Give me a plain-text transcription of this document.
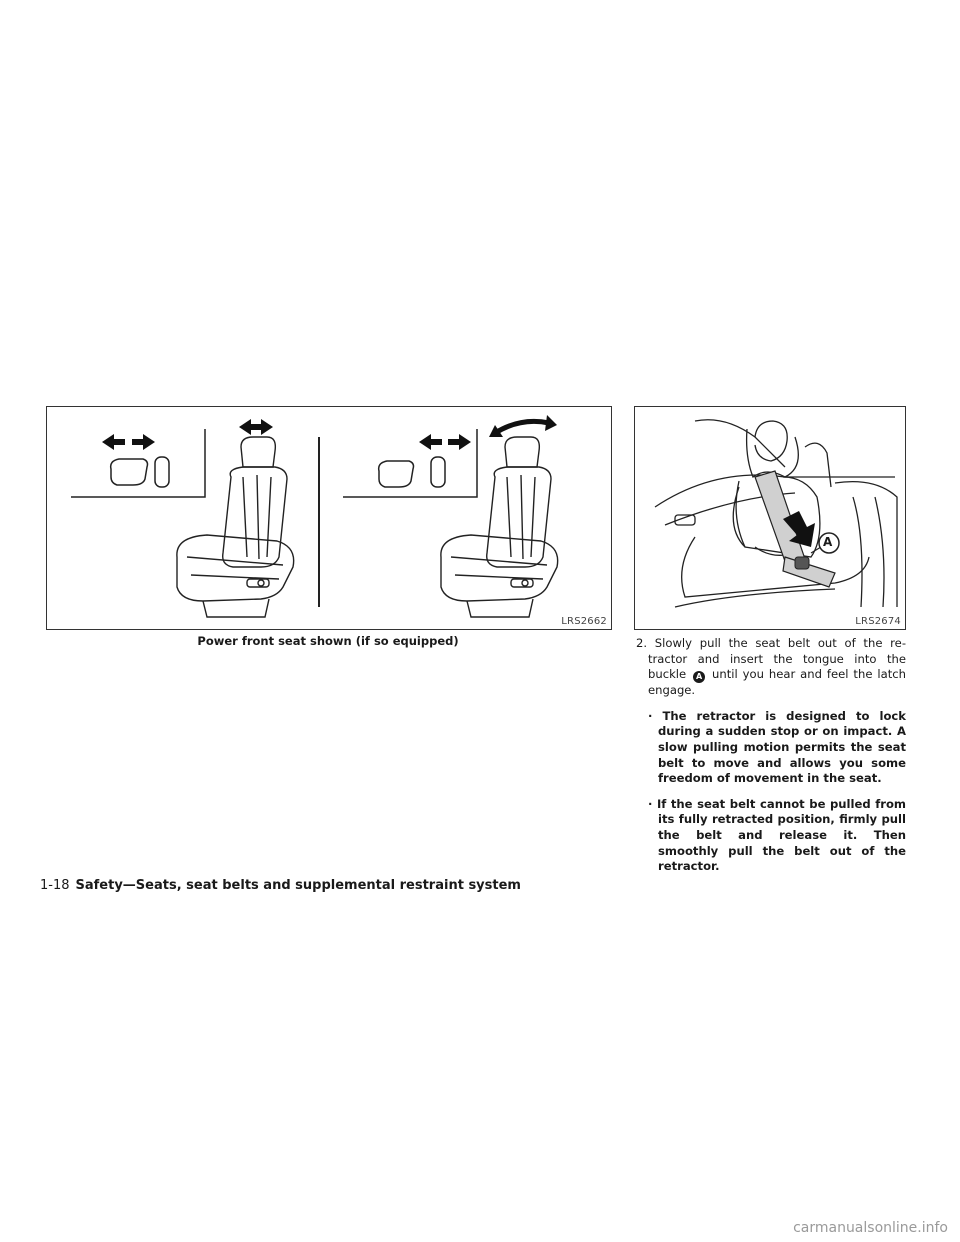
LRS2662
Power front seat shown (if so equipped)
A
LRS2674

2. Slowly pull the seat belt out of the re- tractor and insert the tongue into the buckle A until you hear and feel the latch engage.

· The retractor is designed to lock during a sudden stop or on impact. A slow pulling motion permits the seat belt to move and allows you some freedom of movement in the seat.

· If the seat belt cannot be pulled from its fully retracted position, firmly pull the belt and release it. Then smoothly pull the belt out of the retractor.

1-18 Safety—Seats, seat belts and supplemental restraint system
carmanualsonline.info
